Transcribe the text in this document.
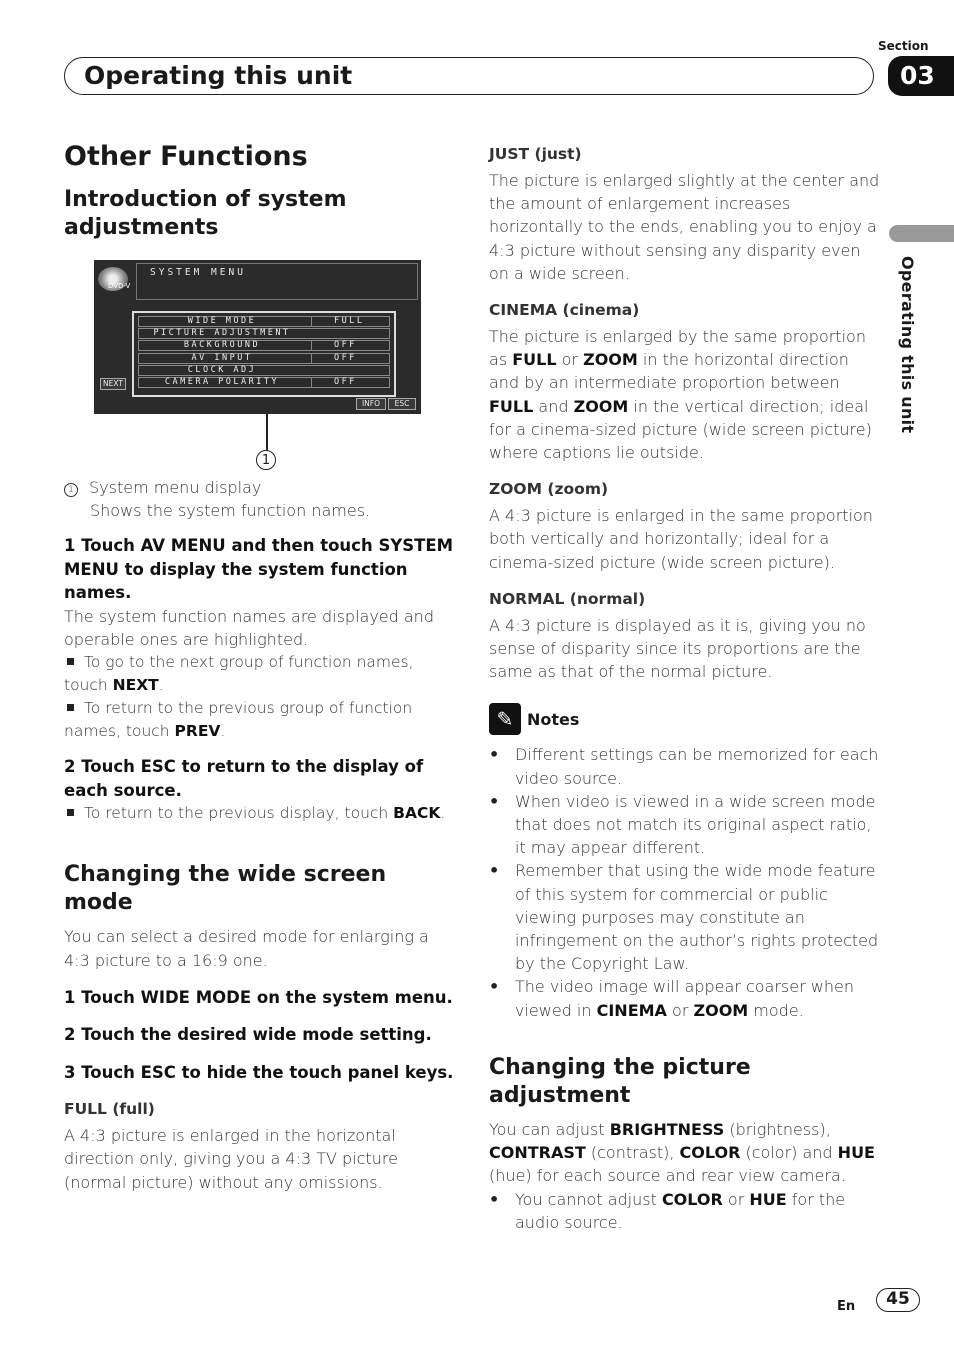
Section
Operating this unit	03
Operating this unit
Other Functions
Introduction of system adjustments
DVD-V
SYSTEM MENU
WIDE MODE	FULL
PICTURE ADJUSTMENT
BACKGROUND	OFF
AV INPUT	OFF
CLOCK ADJ
CAMERA POLARITY	OFF
NEXT
INFO	ESC
1

1 System menu display

Shows the system function names.

1 Touch AV MENU and then touch SYSTEM MENU to display the system function names.

The system function names are displayed and operable ones are highlighted.

To go to the next group of function names, touch NEXT.
To return to the previous group of function names, touch PREV.

2 Touch ESC to return to the display of each source.

To return to the previous display, touch BACK.
Changing the wide screen mode

You can select a desired mode for enlarging a 4:3 picture to a 16:9 one.

1 Touch WIDE MODE on the system menu.

2 Touch the desired wide mode setting.

3 Touch ESC to hide the touch panel keys.

FULL (full)

A 4:3 picture is enlarged in the horizontal direction only, giving you a 4:3 TV picture (normal picture) without any omissions.

JUST (just)

The picture is enlarged slightly at the center and the amount of enlargement increases horizontally to the ends, enabling you to enjoy a 4:3 picture without sensing any disparity even on a wide screen.

CINEMA (cinema)

The picture is enlarged by the same proportion as FULL or ZOOM in the horizontal direction and by an intermediate proportion between FULL and ZOOM in the vertical direction; ideal for a cinema-sized picture (wide screen picture) where captions lie outside.

ZOOM (zoom)

A 4:3 picture is enlarged in the same proportion both vertically and horizontally; ideal for a cinema-sized picture (wide screen picture).

NORMAL (normal)

A 4:3 picture is displayed as it is, giving you no sense of disparity since its proportions are the same as that of the normal picture.

✎ Notes
• Different settings can be memorized for each video source.
• When video is viewed in a wide screen mode that does not match its original aspect ratio, it may appear different.
• Remember that using the wide mode feature of this system for commercial or public viewing purposes may constitute an infringement on the author’s rights protected by the Copyright Law.
• The video image will appear coarser when viewed in CINEMA or ZOOM mode.
Changing the picture adjustment

You can adjust BRIGHTNESS (brightness), CONTRAST (contrast), COLOR (color) and HUE (hue) for each source and rear view camera.

• You cannot adjust COLOR or HUE for the audio source.
En	45
